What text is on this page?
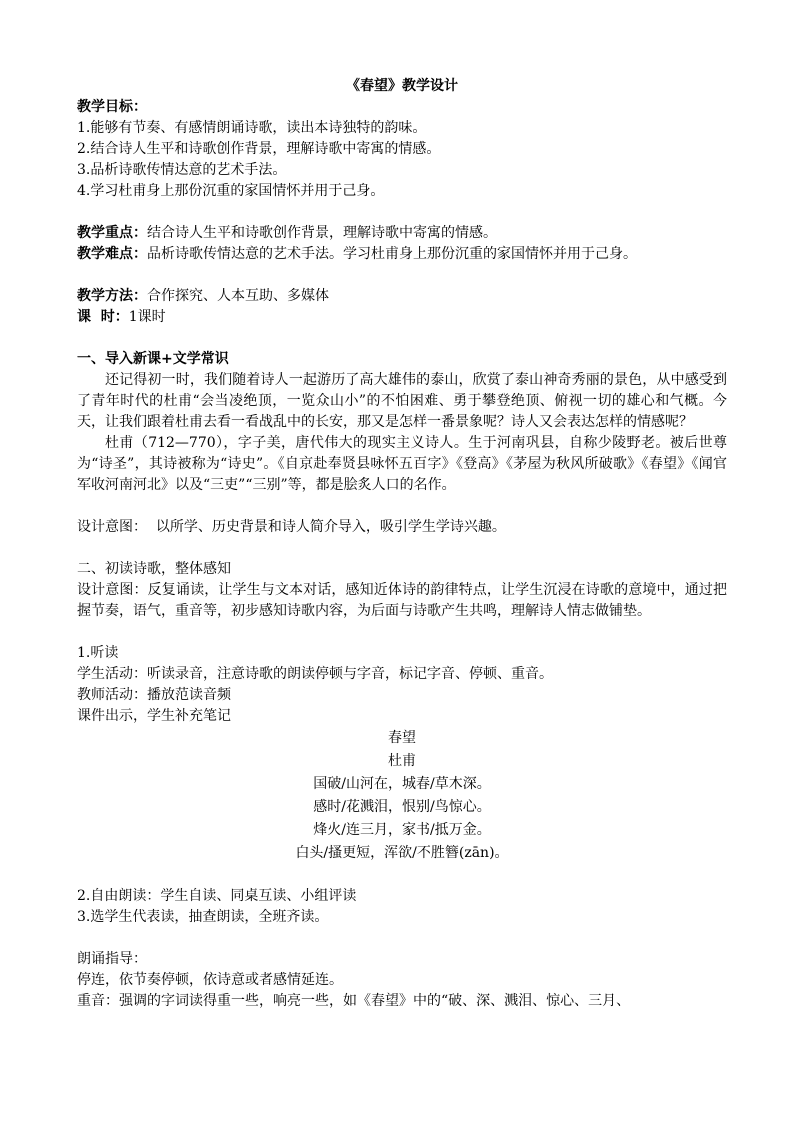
《春望》教学设计
教学目标：
1.能够有节奏、有感情朗诵诗歌，读出本诗独特的韵味。
2.结合诗人生平和诗歌创作背景，理解诗歌中寄寓的情感。
3.品析诗歌传情达意的艺术手法。
4.学习杜甫身上那份沉重的家国情怀并用于己身。
教学重点：结合诗人生平和诗歌创作背景，理解诗歌中寄寓的情感。
教学难点：品析诗歌传情达意的艺术手法。学习杜甫身上那份沉重的家国情怀并用于己身。
教学方法：合作探究、人本互助、多媒体
课  时：1课时
一、导入新课+文学常识

还记得初一时，我们随着诗人一起游历了高大雄伟的泰山，欣赏了泰山神奇秀丽的景色，从中感受到了青年时代的杜甫“会当凌绝顶，一览众山小”的不怕困难、勇于攀登绝顶、俯视一切的雄心和气概。今天，让我们跟着杜甫去看一看战乱中的长安，那又是怎样一番景象呢？诗人又会表达怎样的情感呢？

杜甫（712—770），字子美，唐代伟大的现实主义诗人。生于河南巩县，自称少陵野老。被后世尊为“诗圣”，其诗被称为“诗史”。《自京赴奉贤县咏怀五百字》《登高》《茅屋为秋风所破歌》《春望》《闻官军收河南河北》以及“三吏”“三别”等，都是脍炙人口的名作。

设计意图：  以所学、历史背景和诗人简介导入，吸引学生学诗兴趣。
二、初读诗歌，整体感知

设计意图：反复诵读，让学生与文本对话，感知近体诗的韵律特点，让学生沉浸在诗歌的意境中，通过把握节奏，语气，重音等，初步感知诗歌内容，为后面与诗歌产生共鸣，理解诗人情志做铺垫。

1.听读
学生活动：听读录音，注意诗歌的朗读停顿与字音，标记字音、停顿、重音。
教师活动：播放范读音频
课件出示，学生补充笔记
春望
杜甫
国破/山河在，城春/草木深。
感时/花溅泪，恨别/鸟惊心。
烽火/连三月，家书/抵万金。
白头/搔更短，浑欲/不胜簪(zān)。
2.自由朗读：学生自读、同桌互读、小组评读
3.选学生代表读，抽查朗读，全班齐读。
朗诵指导：
停连，依节奏停顿，依诗意或者感情延连。
重音：强调的字词读得重一些，响亮一些，如《春望》中的“破、深、溅泪、惊心、三月、
